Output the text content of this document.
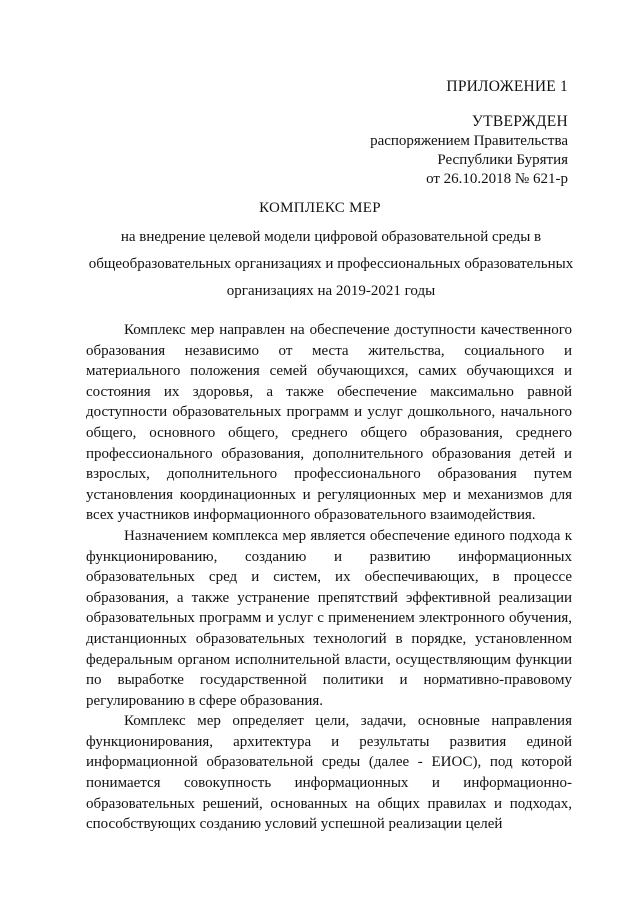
ПРИЛОЖЕНИЕ 1
УТВЕРЖДЕН
распоряжением Правительства
Республики Бурятия
от 26.10.2018 № 621-р
КОМПЛЕКС МЕР
на внедрение целевой модели цифровой образовательной среды в
общеобразовательных организациях и профессиональных образовательных
организациях на 2019-2021 годы

Комплекс мер направлен на обеспечение доступности качественного образования независимо от места жительства, социального и материального положения семей обучающихся, самих обучающихся и состояния их здоровья, а также обеспечение максимально равной доступности образовательных программ и услуг дошкольного, начального общего, основного общего, среднего общего образования, среднего профессионального образования, дополнительного образования детей и взрослых, дополнительного профессионального образования путем установления координационных и регуляционных мер и механизмов для всех участников информационного образовательного взаимодействия.

Назначением комплекса мер является обеспечение единого подхода к функционированию, созданию и развитию информационных образовательных сред и систем, их обеспечивающих, в процессе образования, а также устранение препятствий эффективной реализации образовательных программ и услуг с применением электронного обучения, дистанционных образовательных технологий в порядке, установленном федеральным органом исполнительной власти, осуществляющим функции по выработке государственной политики и нормативно-правовому регулированию в сфере образования.

Комплекс мер определяет цели, задачи, основные направления функционирования, архитектура и результаты развития единой информационной образовательной среды (далее - ЕИОС), под которой понимается совокупность информационных и информационно-образовательных решений, основанных на общих правилах и подходах, способствующих созданию условий успешной реализации целей
